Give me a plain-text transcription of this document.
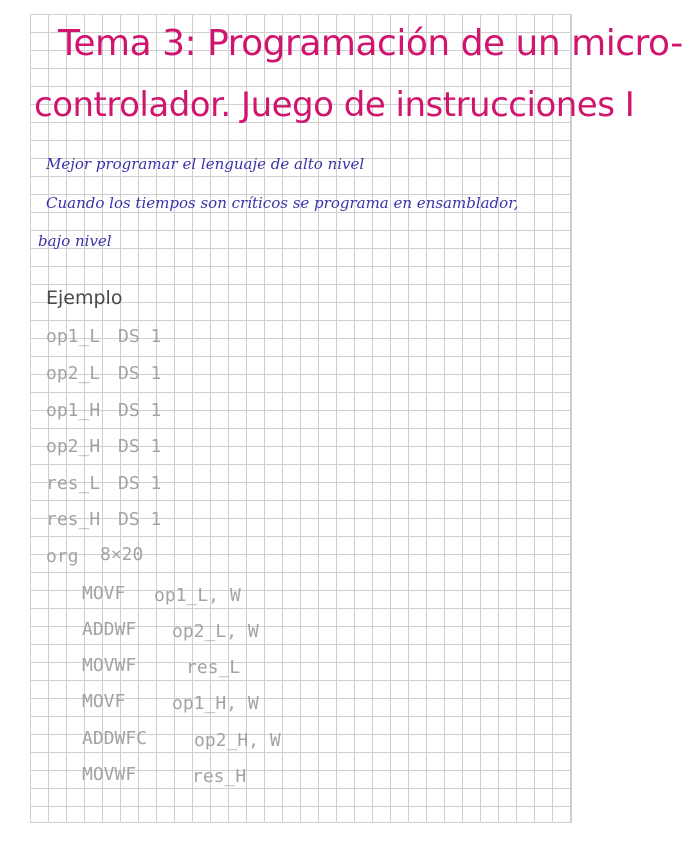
Tema 3: Programación de un micro-
controlador. Juego de instrucciones I
Mejor programar el lenguaje de alto nivel
Cuando los tiempos son críticos se programa en ensamblador,
bajo nivel
Ejemplo
op1_L DS 1
op2_L DS 1
op1_H DS 1
op2_H DS 1
res_L DS 1
res_H DS 1
org 8×20
MOVF op1_L, W
ADDWF op2_L, W
MOVWF	res_L
MOVF	op1_H, W
ADDWFC	op2_H, W
MOVWF	res_H
